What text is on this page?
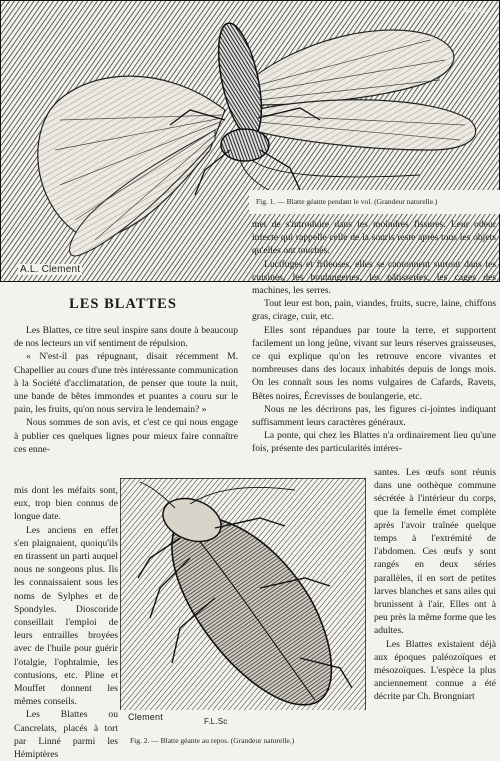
Fig. 1. — Blatte géante pendant le vol. (Grandeur naturelle.)
A.L. Clement
F. Jaeger
LES BLATTES

Les Blattes, ce titre seul inspire sans doute à beaucoup de nos lecteurs un vif sentiment de répulsion.

« N'est-il pas répugnant, disait récemment M. Chapellier au cours d'une très intéressante communication à la Société d'acclimatation, de penser que toute la nuit, une bande de bêtes immondes et puantes a couru sur le pain, les fruits, qu'on nous servira le lendemain? »

Nous sommes de son avis, et c'est ce qui nous engage à publier ces quelques lignes pour mieux faire connaître ces enne-

mis dont les méfaits sont, eux, trop bien connus de longue date.

Les anciens en effet s'en plaignaient, quoiqu'ils en tirassent un parti auquel nous ne songeons plus. Ils les connaissaient sous les noms de Sylphes et de Spondyles. Dioscoride conseillait l'emploi de leurs entrailles broyées avec de l'huile pour guérir l'otalgie, l'ophtalmie, les contusions, etc. Pline et Mouffet donnent les mêmes conseils.

Les Blattes ou Cancrelats, placés à tort par Linné parmi les Hémiptères

met de s'introduire dans les moindres fissures. Leur odeur infecte qui rappelle celle de la souris reste après tous les objets qu'elles ont touchés.

Lucifuges et frileuses, elles se cantonnent surtout dans les cuisines, les boulangeries, les pâtisseries, les cages des machines, les serres.

Tout leur est bon, pain, viandes, fruits, sucre, laine, chiffons gras, cirage, cuir, etc.

Elles sont répandues par toute la terre, et supportent facilement un long jeûne, vivant sur leurs réserves graisseuses, ce qui explique qu'on les retrouve encore vivantes et nombreuses dans des locaux inhabités depuis de longs mois. On les connaît sous les noms vulgaires de Cafards, Ravets, Bêtes noires, Écrevisses de boulangerie, etc.

Nous ne les décrirons pas, les figures ci-jointes indiquant suffisamment leurs caractères généraux.

La ponte, qui chez les Blattes n'a ordinairement lieu qu'une fois, présente des particularités intéres-

santes. Les œufs sont réunis dans une oothèque commune sécrétée à l'intérieur du corps, que la femelle émet complète après l'avoir traînée quelque temps à l'extrémité de l'abdomen. Ces œufs y sont rangés en deux séries parallèles, il en sort de petites larves blanches et sans ailes qui brunissent à l'air. Elles ont à peu près la même forme que les adultes.

Les Blattes existaient déjà aux époques paléozoïques et mésozoïques. L'espèce la plus anciennement connue a été décrite par Ch. Brongniart

Clement	F.L.Sc
Fig. 2. — Blatte géante au repos. (Grandeur naturelle.)
